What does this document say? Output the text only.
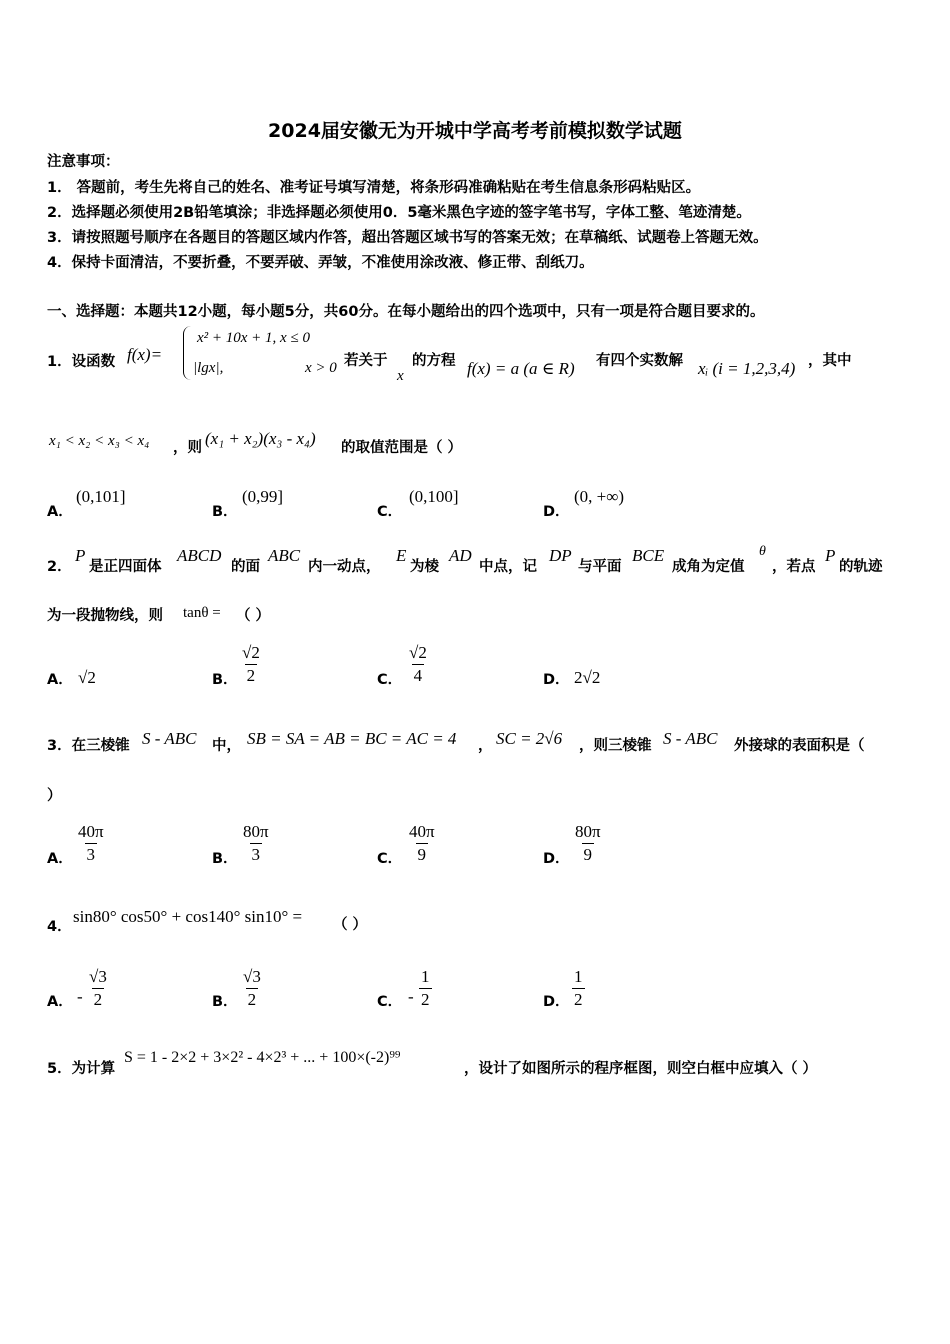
2024届安徽无为开城中学高考考前模拟数学试题
注意事项：
1． 答题前，考生先将自己的姓名、准考证号填写清楚，将条形码准确粘贴在考生信息条形码粘贴区。
2．选择题必须使用2B铅笔填涂；非选择题必须使用0．5毫米黑色字迹的签字笔书写，字体工整、笔迹清楚。
3．请按照题号顺序在各题目的答题区域内作答，超出答题区域书写的答案无效；在草稿纸、试题卷上答题无效。
4．保持卡面清洁，不要折叠，不要弄破、弄皱，不准使用涂改液、修正带、刮纸刀。
一、选择题：本题共12小题，每小题5分，共60分。在每小题给出的四个选项中，只有一项是符合题目要求的。
1．设函数 f(x)=
x² + 10x + 1, x ≤ 0
|lgx|,	x > 0 若关于
x
的方程 f(x) = a (a ∈ R) 有四个实数解 xᵢ (i = 1,2,3,4) ，其中
x₁ < x₂ < x₃ < x₄ ，则 (x₁ + x₂)(x₃ - x₄) 的取值范围是（ ）
A．
(0,101]
B．
(0,99]
C．
(0,100]
D．
(0, +∞)
2．
P
是正四面体
ABCD
的面
ABC
内一动点，
E
为棱
AD
中点，记
DP
与平面
BCE
成角为定值
θ
，若点
P
的轨迹
为一段抛物线，则 tanθ = （ ）
A． √2	B． $\frac{√2}{2}$	C． $\frac{√2}{4}$	D． 2√2
3．在三棱锥 S - ABC 中， SB = SA = AB = BC = AC = 4 ， SC = 2√6 ，则三棱锥 S - ABC 外接球的表面积是（
）
A． $\frac{40\pi}{3}$	B． $\frac{80\pi}{3}$	C． $\frac{40\pi}{9}$	D． $\frac{80\pi}{9}$
4．
sin80° cos50° + cos140° sin10° = （ ）
A． - $\frac{√3}{2}$	B． $\frac{√3}{2}$	C． - $\frac{1}{2}$	D． $\frac{1}{2}$
5．为计算
S = 1 - 2×2 + 3×2² - 4×2³ + ... + 100×(-2)⁹⁹
，设计了如图所示的程序框图，则空白框中应填入（ ）
